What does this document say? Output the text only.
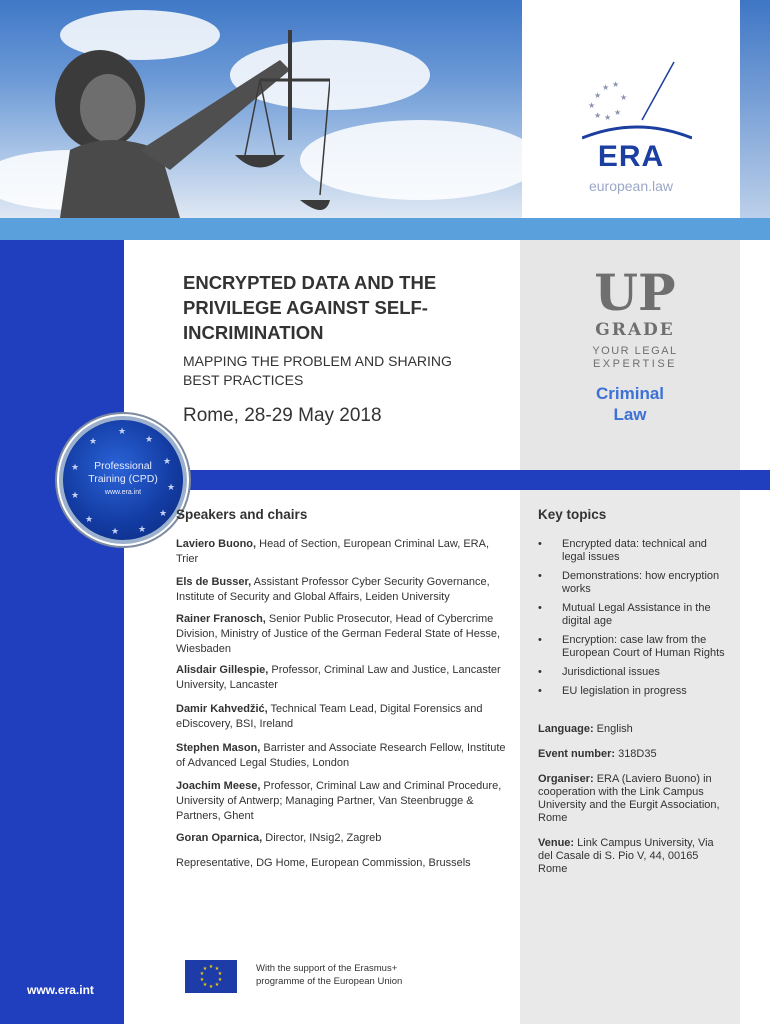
★
★ ★
★
★ ★
★
★
ERA
european.law
ENCRYPTED DATA AND THE
PRIVILEGE AGAINST SELF-
INCRIMINATION
MAPPING THE PROBLEM AND SHARING
BEST PRACTICES
Rome, 28-29 May 2018
UP
GRADE
YOUR LEGAL
EXPERTISE
Criminal
Law
★
★
★
★
★
★
★
★
★
★
★
Professional
Training (CPD)
www.era.int
Speakers and chairs
Laviero Buono, Head of Section, European Criminal Law, ERA, Trier
Els de Busser, Assistant Professor Cyber Security Governance, Institute of Security and Global Affairs, Leiden University
Rainer Franosch, Senior Public Prosecutor, Head of Cybercrime Division, Ministry of Justice of the German Federal State of Hesse, Wiesbaden
Alisdair Gillespie, Professor, Criminal Law and Justice, Lancaster University, Lancaster
Damir Kahvedžić, Technical Team Lead, Digital Forensics and eDiscovery, BSI, Ireland
Stephen Mason, Barrister and Associate Research Fellow, Institute of Advanced Legal Studies, London
Joachim Meese, Professor, Criminal Law and Criminal Procedure, University of Antwerp; Managing Partner, Van Steenbrugge & Partners, Ghent
Goran Oparnica, Director, INsig2, Zagreb
Representative, DG Home, European Commission, Brussels
Key topics
• Encrypted data: technical and legal issues
• Demonstrations: how encryption works
• Mutual Legal Assistance in the digital age
• Encryption: case law from the European Court of Human Rights
• Jurisdictional issues
• EU legislation in progress
Language: English
Event number: 318D35
Organiser: ERA (Laviero Buono) in cooperation with the Link Campus University and the Eurgit Association, Rome
Venue: Link Campus University, Via del Casale di S. Pio V, 44, 00165 Rome
★ ★
★
★
★
★
★
★
★
★	With the support of the Erasmus+
programme of the European Union
www.era.int
